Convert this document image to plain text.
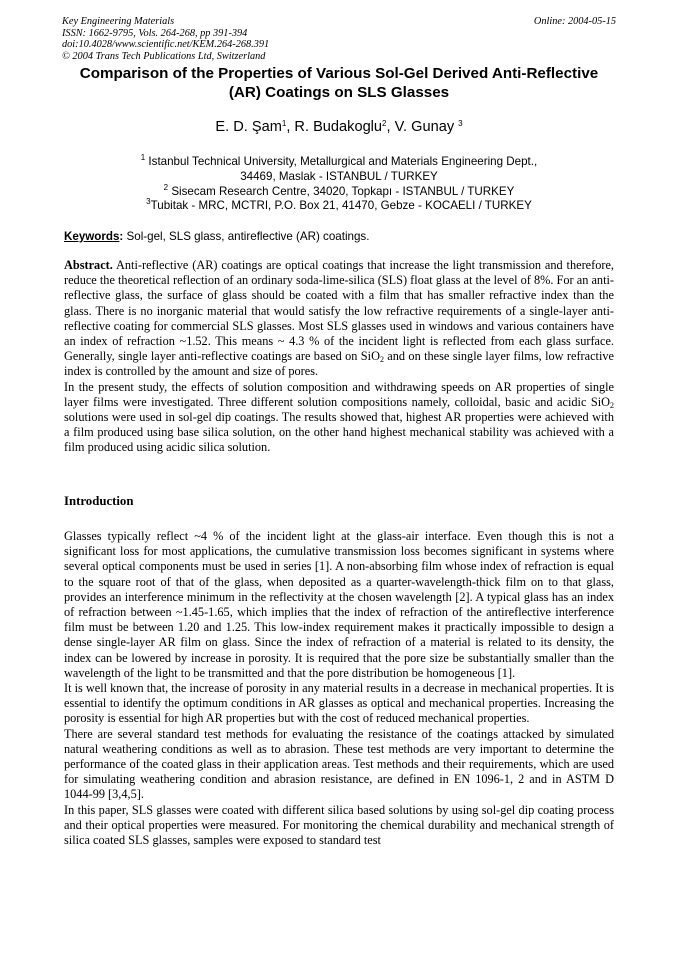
Key Engineering Materials
ISSN: 1662-9795, Vols. 264-268, pp 391-394
doi:10.4028/www.scientific.net/KEM.264-268.391
© 2004 Trans Tech Publications Ltd, Switzerland
Online: 2004-05-15
Comparison of the Properties of Various Sol-Gel Derived Anti-Reflective
(AR) Coatings on SLS Glasses
E. D. Şam$^1$, R. Budakoglu$^2$, V. Gunay $^3$
$^1$ Istanbul Technical University, Metallurgical and Materials Engineering Dept.,
34469, Maslak - ISTANBUL / TURKEY
$^2$ Sisecam Research Centre, 34020, Topkapı - ISTANBUL / TURKEY
$^3$Tubitak - MRC, MCTRI, P.O. Box 21, 41470, Gebze - KOCAELI / TURKEY
Keywords: Sol-gel, SLS glass, antireflective (AR) coatings.

Abstract. Anti-reflective (AR) coatings are optical coatings that increase the light transmission and therefore, reduce the theoretical reflection of an ordinary soda-lime-silica (SLS) float glass at the level of 8%. For an anti-reflective glass, the surface of glass should be coated with a film that has smaller refractive index than the glass. There is no inorganic material that would satisfy the low refractive requirements of a single-layer anti-reflective coating for commercial SLS glasses. Most SLS glasses used in windows and various containers have an index of refraction ~1.52. This means ~ 4.3 % of the incident light is reflected from each glass surface. Generally, single layer anti-reflective coatings are based on SiO$_2$ and on these single layer films, low refractive index is controlled by the amount and size of pores.

In the present study, the effects of solution composition and withdrawing speeds on AR properties of single layer films were investigated. Three different solution compositions namely, colloidal, basic and acidic SiO$_2$ solutions were used in sol-gel dip coatings. The results showed that, highest AR properties were achieved with a film produced using base silica solution, on the other hand highest mechanical stability was achieved with a film produced using acidic silica solution.

Introduction

Glasses typically reflect ~4 % of the incident light at the glass-air interface. Even though this is not a significant loss for most applications, the cumulative transmission loss becomes significant in systems where several optical components must be used in series [1]. A non-absorbing film whose index of refraction is equal to the square root of that of the glass, when deposited as a quarter-wavelength-thick film on to that glass, provides an interference minimum in the reflectivity at the chosen wavelength [2]. A typical glass has an index of refraction between ~1.45-1.65, which implies that the index of refraction of the antireflective interference film must be between 1.20 and 1.25. This low-index requirement makes it practically impossible to design a dense single-layer AR film on glass. Since the index of refraction of a material is related to its density, the index can be lowered by increase in porosity. It is required that the pore size be substantially smaller than the wavelength of the light to be transmitted and that the pore distribution be homogeneous [1].

It is well known that, the increase of porosity in any material results in a decrease in mechanical properties. It is essential to identify the optimum conditions in AR glasses as optical and mechanical properties. Increasing the porosity is essential for high AR properties but with the cost of reduced mechanical properties.

There are several standard test methods for evaluating the resistance of the coatings attacked by simulated natural weathering conditions as well as to abrasion. These test methods are very important to determine the performance of the coated glass in their application areas. Test methods and their requirements, which are used for simulating weathering condition and abrasion resistance, are defined in EN 1096-1, 2 and in ASTM D 1044-99 [3,4,5].

In this paper, SLS glasses were coated with different silica based solutions by using sol-gel dip coating process and their optical properties were measured. For monitoring the chemical durability and mechanical strength of silica coated SLS glasses, samples were exposed to standard test
